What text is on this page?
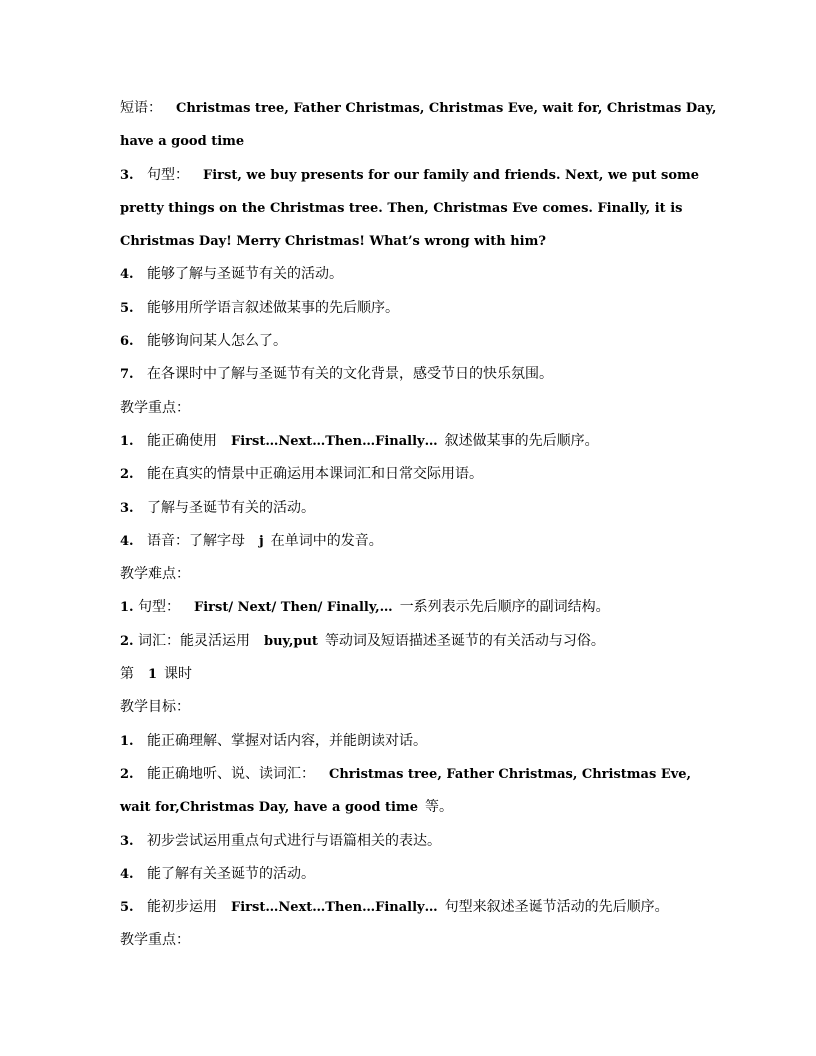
短语： Christmas tree, Father Christmas, Christmas Eve, wait for, Christmas Day,
have a good time
3. 句型： First, we buy presents for our family and friends. Next, we put some
pretty things on the Christmas tree. Then, Christmas Eve comes. Finally, it is
Christmas Day! Merry Christmas! What’s wrong with him?
4. 能够了解与圣诞节有关的活动。
5. 能够用所学语言叙述做某事的先后顺序。
6. 能够询问某人怎么了。
7. 在各课时中了解与圣诞节有关的文化背景，感受节日的快乐氛围。
教学重点：
1. 能正确使用 First…Next…Then…Finally… 叙述做某事的先后顺序。
2. 能在真实的情景中正确运用本课词汇和日常交际用语。
3. 了解与圣诞节有关的活动。
4. 语音：了解字母 j 在单词中的发音。
教学难点：
1. 句型： First/ Next/ Then/ Finally,… 一系列表示先后顺序的副词结构。
2. 词汇：能灵活运用 buy,put 等动词及短语描述圣诞节的有关活动与习俗。
第 1 课时
教学目标：
1. 能正确理解、掌握对话内容，并能朗读对话。
2. 能正确地听、说、读词汇： Christmas tree, Father Christmas, Christmas Eve,
wait for,Christmas Day, have a good time 等。
3. 初步尝试运用重点句式进行与语篇相关的表达。
4. 能了解有关圣诞节的活动。
5. 能初步运用 First…Next…Then…Finally… 句型来叙述圣诞节活动的先后顺序。
教学重点：
